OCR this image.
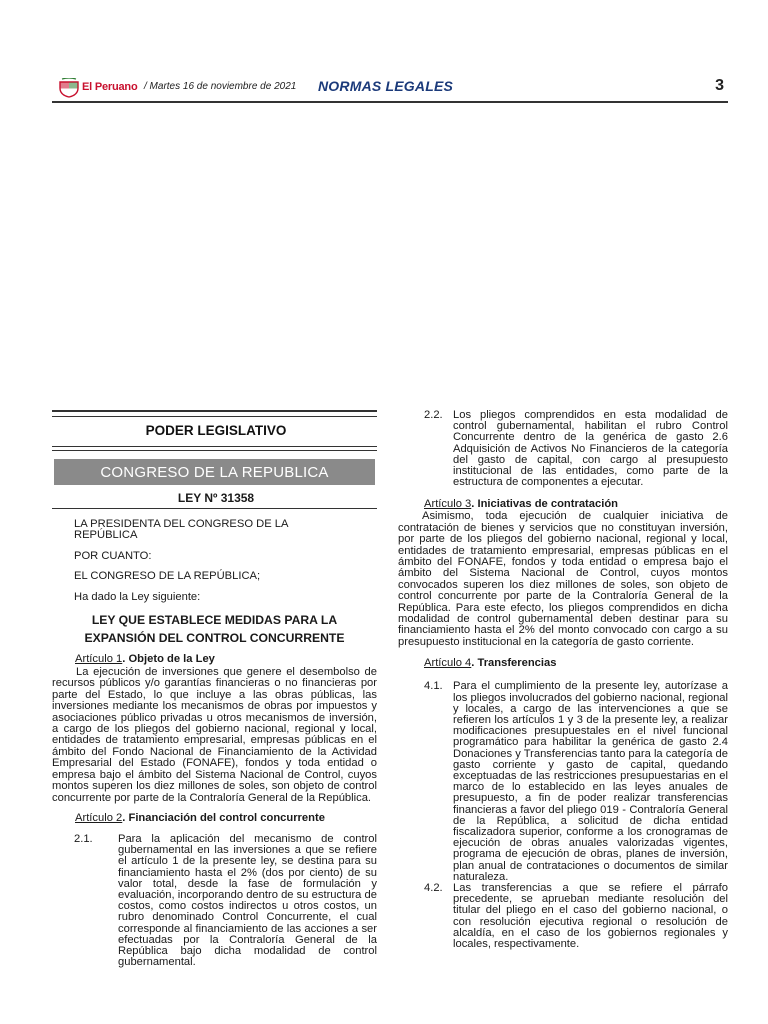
El Peruano / Martes 16 de noviembre de 2021 NORMAS LEGALES	3
PODER LEGISLATIVO
CONGRESO DE LA REPUBLICA
LEY Nº 31358

LA PRESIDENTA DEL CONGRESO DE LA REPÚBLICA

POR CUANTO:

EL CONGRESO DE LA REPÚBLICA;

Ha dado la Ley siguiente:

LEY QUE ESTABLECE MEDIDAS PARA LA EXPANSIÓN DEL CONTROL CONCURRENTE

Artículo 1. Objeto de la Ley

La ejecución de inversiones que genere el desembolso de recursos públicos y/o garantías financieras o no financieras por parte del Estado, lo que incluye a las obras públicas, las inversiones mediante los mecanismos de obras por impuestos y asociaciones público privadas u otros mecanismos de inversión, a cargo de los pliegos del gobierno nacional, regional y local, entidades de tratamiento empresarial, empresas públicas en el ámbito del Fondo Nacional de Financiamiento de la Actividad Empresarial del Estado (FONAFE), fondos y toda entidad o empresa bajo el ámbito del Sistema Nacional de Control, cuyos montos superen los diez millones de soles, son objeto de control concurrente por parte de la Contraloría General de la República.

Artículo 2. Financiación del control concurrente

2.1.	Para la aplicación del mecanismo de control gubernamental en las inversiones a que se refiere el artículo 1 de la presente ley, se destina para su financiamiento hasta el 2% (dos por ciento) de su valor total, desde la fase de formulación y evaluación, incorporando dentro de su estructura de costos, como costos indirectos u otros costos, un rubro denominado Control Concurrente, el cual corresponde al financiamiento de las acciones a ser efectuadas por la Contraloría General de la República bajo dicha modalidad de control gubernamental.
2.2. Los pliegos comprendidos en esta modalidad de control gubernamental, habilitan el rubro Control Concurrente dentro de la genérica de gasto 2.6 Adquisición de Activos No Financieros de la categoría del gasto de capital, con cargo al presupuesto institucional de las entidades, como parte de la estructura de componentes a ejecutar.

Artículo 3. Iniciativas de contratación

Asimismo, toda ejecución de cualquier iniciativa de contratación de bienes y servicios que no constituyan inversión, por parte de los pliegos del gobierno nacional, regional y local, entidades de tratamiento empresarial, empresas públicas en el ámbito del FONAFE, fondos y toda entidad o empresa bajo el ámbito del Sistema Nacional de Control, cuyos montos convocados superen los diez millones de soles, son objeto de control concurrente por parte de la Contraloría General de la República. Para este efecto, los pliegos comprendidos en dicha modalidad de control gubernamental deben destinar para su financiamiento hasta el 2% del monto convocado con cargo a su presupuesto institucional en la categoría de gasto corriente.

Artículo 4. Transferencias

4.1. Para el cumplimiento de la presente ley, autorízase a los pliegos involucrados del gobierno nacional, regional y locales, a cargo de las intervenciones a que se refieren los artículos 1 y 3 de la presente ley, a realizar modificaciones presupuestales en el nivel funcional programático para habilitar la genérica de gasto 2.4 Donaciones y Transferencias tanto para la categoría de gasto corriente y gasto de capital, quedando exceptuadas de las restricciones presupuestarias en el marco de lo establecido en las leyes anuales de presupuesto, a fin de poder realizar transferencias financieras a favor del pliego 019 - Contraloría General de la República, a solicitud de dicha entidad fiscalizadora superior, conforme a los cronogramas de ejecución de obras anuales valorizadas vigentes, programa de ejecución de obras, planes de inversión, plan anual de contrataciones o documentos de similar naturaleza.
4.2. Las transferencias a que se refiere el párrafo precedente, se aprueban mediante resolución del titular del pliego en el caso del gobierno nacional, o con resolución ejecutiva regional o resolución de alcaldía, en el caso de los gobiernos regionales y locales, respectivamente.
